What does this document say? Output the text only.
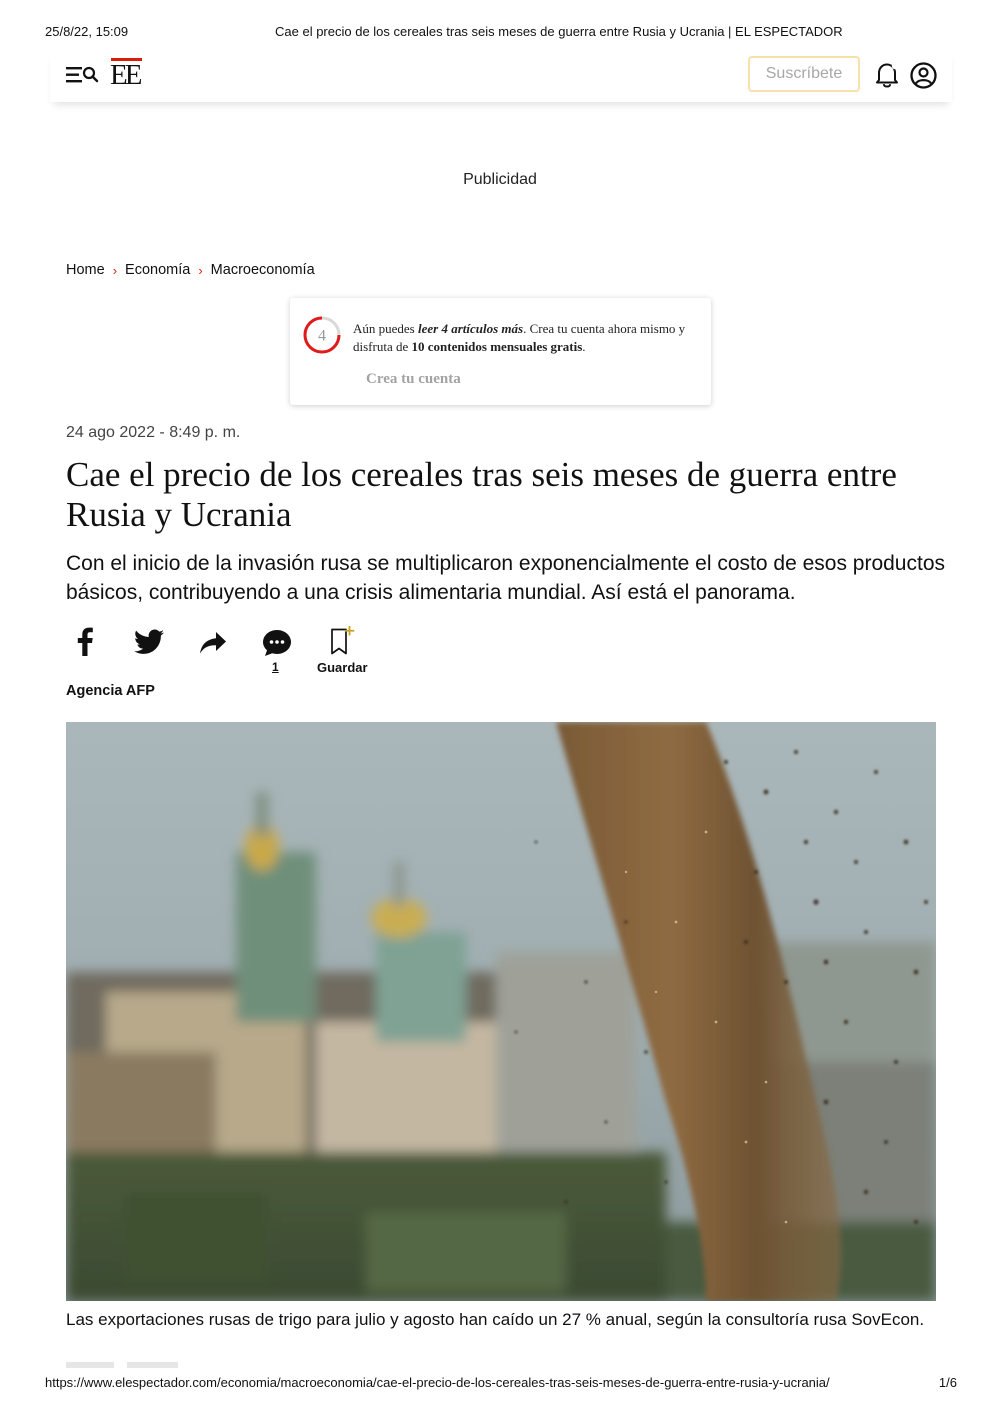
25/8/22, 15:09	Cae el precio de los cereales tras seis meses de guerra entre Rusia y Ucrania | EL ESPECTADOR
EE	Suscríbete
Publicidad
Home › Economía › Macroeconomía
4 Aún puedes leer 4 artículos más. Crea tu cuenta ahora mismo y disfruta de 10 contenidos mensuales gratis.
Crea tu cuenta
24 ago 2022 - 8:49 p. m.
Cae el precio de los cereales tras seis meses de guerra entre Rusia y Ucrania

Con el inicio de la invasión rusa se multiplicaron exponencialmente el costo de esos productos básicos, contribuyendo a una crisis alimentaria mundial. Así está el panorama.

1	Guardar
Agencia AFP

Las exportaciones rusas de trigo para julio y agosto han caído un 27 % anual, según la consultoría rusa SovEcon.

https://www.elespectador.com/economia/macroeconomia/cae-el-precio-de-los-cereales-tras-seis-meses-de-guerra-entre-rusia-y-ucrania/	1/6
